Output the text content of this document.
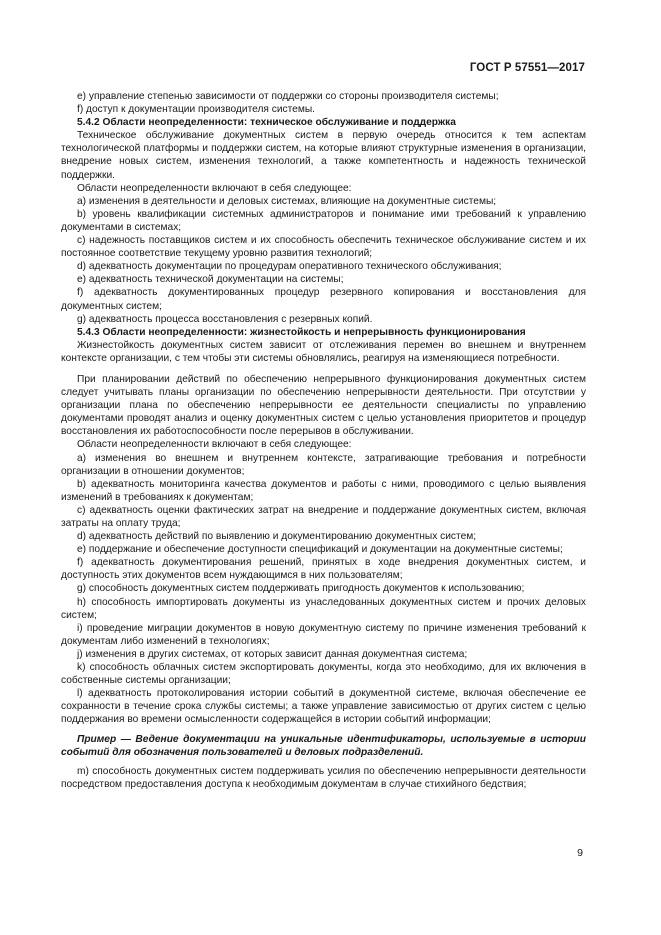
ГОСТ Р 57551—2017

e) управление степенью зависимости от поддержки со стороны производителя системы;

f) доступ к документации производителя системы.

5.4.2 Области неопределенности: техническое обслуживание и поддержка

Техническое обслуживание документных систем в первую очередь относится к тем аспектам технологической платформы и поддержки систем, на которые влияют структурные изменения в организации, внедрение новых систем, изменения технологий, а также компетентность и надежность технической поддержки.

Области неопределенности включают в себя следующее:

a) изменения в деятельности и деловых системах, влияющие на документные системы;

b) уровень квалификации системных администраторов и понимание ими требований к управлению документами в системах;

c) надежность поставщиков систем и их способность обеспечить техническое обслуживание систем и их постоянное соответствие текущему уровню развития технологий;

d) адекватность документации по процедурам оперативного технического обслуживания;

e) адекватность технической документации на системы;

f) адекватность документированных процедур резервного копирования и восстановления для документных систем;

g) адекватность процесса восстановления с резервных копий.

5.4.3 Области неопределенности: жизнестойкость и непрерывность функционирования

Жизнестойкость документных систем зависит от отслеживания перемен во внешнем и внутреннем контексте организации, с тем чтобы эти системы обновлялись, реагируя на изменяющиеся потребности.

При планировании действий по обеспечению непрерывного функционирования документных систем следует учитывать планы организации по обеспечению непрерывности деятельности. При отсутствии у организации плана по обеспечению непрерывности ее деятельности специалисты по управлению документами проводят анализ и оценку документных систем с целью установления приоритетов и процедур восстановления их работоспособности после перерывов в обслуживании.

Области неопределенности включают в себя следующее:

a) изменения во внешнем и внутреннем контексте, затрагивающие требования и потребности организации в отношении документов;

b) адекватность мониторинга качества документов и работы с ними, проводимого с целью выявления изменений в требованиях к документам;

c) адекватность оценки фактических затрат на внедрение и поддержание документных систем, включая затраты на оплату труда;

d) адекватность действий по выявлению и документированию документных систем;

e) поддержание и обеспечение доступности спецификаций и документации на документные системы;

f) адекватность документирования решений, принятых в ходе внедрения документных систем, и доступность этих документов всем нуждающимся в них пользователям;

g) способность документных систем поддерживать пригодность документов к использованию;

h) способность импортировать документы из унаследованных документных систем и прочих деловых систем;

i) проведение миграции документов в новую документную систему по причине изменения требований к документам либо изменений в технологиях;

j) изменения в других системах, от которых зависит данная документная система;

k) способность облачных систем экспортировать документы, когда это необходимо, для их включения в собственные системы организации;

l) адекватность протоколирования истории событий в документной системе, включая обеспечение ее сохранности в течение срока службы системы; а также управление зависимостью от других систем с целью поддержания во времени осмысленности содержащейся в истории событий информации;

Пример — Ведение документации на уникальные идентификаторы, используемые в истории событий для обозначения пользователей и деловых подразделений.

m) способность документных систем поддерживать усилия по обеспечению непрерывности деятельности посредством предоставления доступа к необходимым документам в случае стихийного бедствия;

9
